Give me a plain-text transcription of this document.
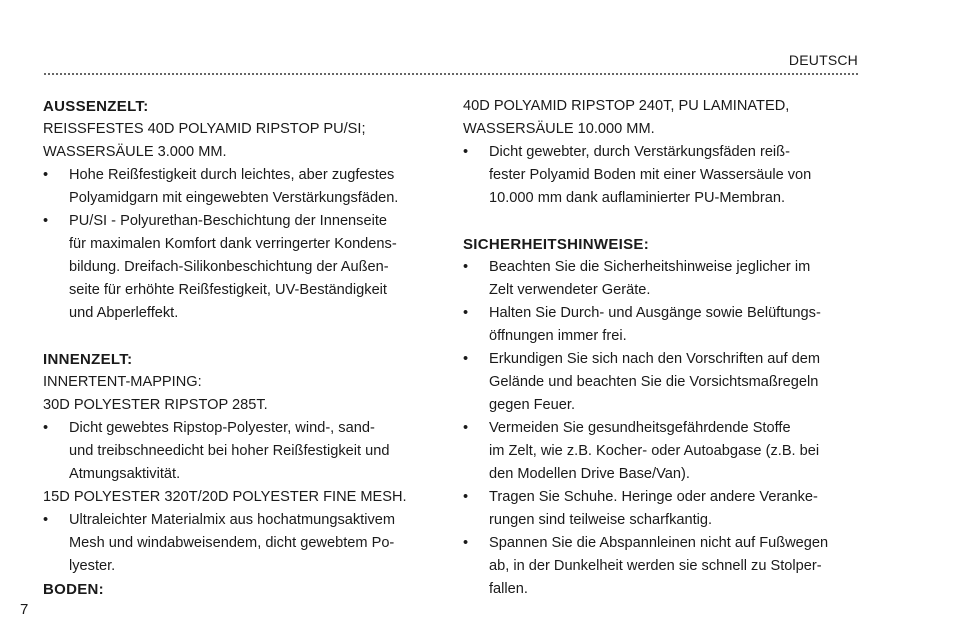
DEUTSCH
AUSSENZELT:
REISSFESTES 40D POLYAMID RIPSTOP PU/SI;
WASSERSÄULE 3.000 MM.
• Hohe Reißfestigkeit durch leichtes, aber zugfestes
Polyamidgarn mit eingewebten Verstärkungsfäden.
• PU/SI - Polyurethan-Beschichtung der Innenseite
für maximalen Komfort dank verringerter Kondens-
bildung. Dreifach-Silikonbeschichtung der Außen-
seite für erhöhte Reißfestigkeit, UV-Beständigkeit
und Abperleffekt.
INNENZELT:
INNERTENT-MAPPING:
30D POLYESTER RIPSTOP 285T.
• Dicht gewebtes Ripstop-Polyester, wind-, sand-
und treibschneedicht bei hoher Reißfestigkeit und
Atmungsaktivität.
15D POLYESTER 320T/20D POLYESTER FINE MESH.
• Ultraleichter Materialmix aus hochatmungsaktivem
Mesh und windabweisendem, dicht gewebtem Po-
lyester.
BODEN:
40D POLYAMID RIPSTOP 240T, PU LAMINATED,
WASSERSÄULE 10.000 MM.
• Dicht gewebter, durch Verstärkungsfäden reiß-
fester Polyamid Boden mit einer Wassersäule von
10.000 mm dank auflaminierter PU-Membran.
SICHERHEITSHINWEISE:
• Beachten Sie die Sicherheitshinweise jeglicher im
Zelt verwendeter Geräte.
• Halten Sie Durch- und Ausgänge sowie Belüftungs-
öffnungen immer frei.
• Erkundigen Sie sich nach den Vorschriften auf dem
Gelände und beachten Sie die Vorsichtsmaßregeln
gegen Feuer.
• Vermeiden Sie gesundheitsgefährdende Stoffe
im Zelt, wie z.B. Kocher- oder Autoabgase (z.B. bei
den Modellen Drive Base/Van).
• Tragen Sie Schuhe. Heringe oder andere Veranke-
rungen sind teilweise scharfkantig.
• Spannen Sie die Abspannleinen nicht auf Fußwegen
ab, in der Dunkelheit werden sie schnell zu Stolper-
fallen.
7
